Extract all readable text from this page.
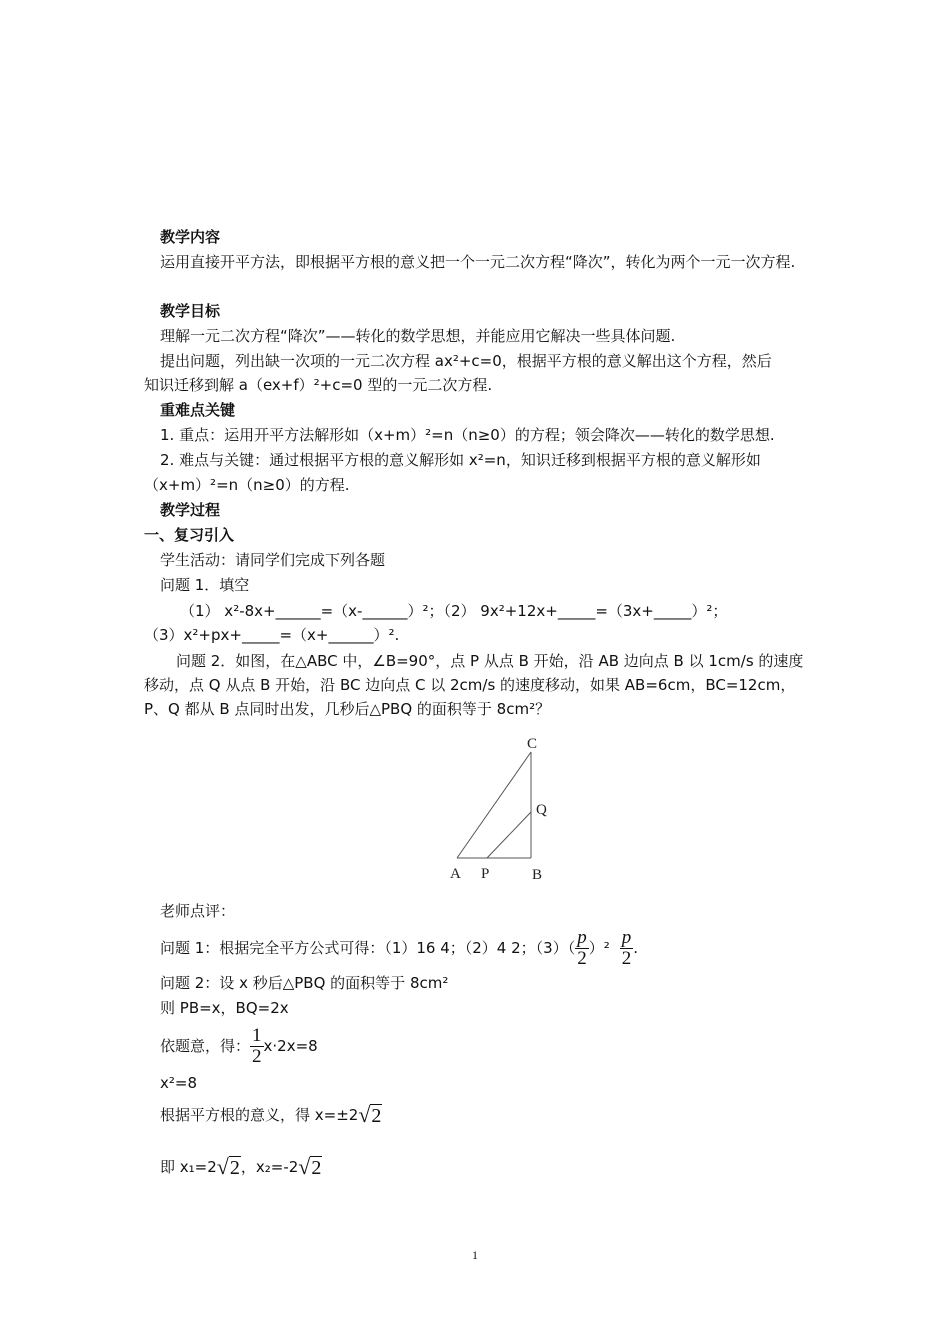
教学内容
运用直接开平方法，即根据平方根的意义把一个一元二次方程“降次”，转化为两个一元一次方程.
教学目标
理解一元二次方程“降次”——转化的数学思想，并能应用它解决一些具体问题.
提出问题，列出缺一次项的一元二次方程 ax²+c=0，根据平方根的意义解出这个方程，然后
知识迁移到解 a（ex+f）²+c=0 型的一元二次方程.
重难点关键
1. 重点：运用开平方法解形如（x+m）²=n（n≥0）的方程；领会降次——转化的数学思想.
2. 难点与关键：通过根据平方根的意义解形如 x²=n，知识迁移到根据平方根的意义解形如
（x+m）²=n（n≥0）的方程.
教学过程
一、复习引入
学生活动：请同学们完成下列各题
问题 1．填空
（1） x²-8x+______=（x-______）²；（2） 9x²+12x+_____=（3x+_____）²；
（3）x²+px+_____=（x+______）².
问题 2．如图，在△ABC 中，∠B=90°，点 P 从点 B 开始，沿 AB 边向点 B 以 1cm/s 的速度移动，点 Q 从点 B 开始，沿 BC 边向点 C 以 2cm/s 的速度移动，如果 AB=6cm，BC=12cm，P、Q 都从 B 点同时出发，几秒后△PBQ 的面积等于 8cm²？
A P	B
Q
C
老师点评：
问题 1：根据完全平方公式可得：（1）16 4；（2）4 2；$(3)( \frac{p}{2} )^2 \frac{p}{2}$ .
问题 2：设 x 秒后△PBQ 的面积等于 8cm²
则 PB=x，BQ=2x
依题意，得： $\frac{1}{2} x\cdot 2x=8$
x²=8
根据平方根的意义，得 x=±2 √2
即 x₁=2 √2 ，x₂=-2 √2
1
